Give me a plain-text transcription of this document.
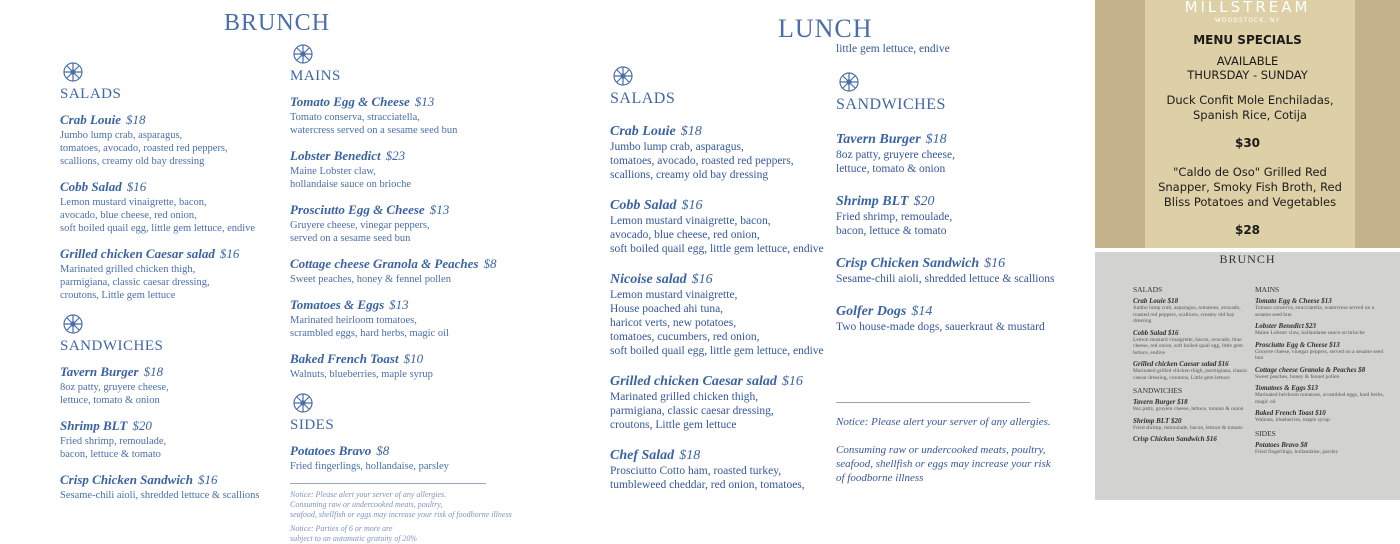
BRUNCH
SALADS
Crab Louie $18
Jumbo lump crab, asparagus,
tomatoes, avocado, roasted red peppers,
scallions, creamy old bay dressing
Cobb Salad $16
Lemon mustard vinaigrette, bacon,
avocado, blue cheese, red onion,
soft boiled quail egg, little gem lettuce, endive
Grilled chicken Caesar salad $16
Marinated grilled chicken thigh,
parmigiana, classic caesar dressing,
croutons, Little gem lettuce
SANDWICHES
Tavern Burger $18
8oz patty, gruyere cheese,
lettuce, tomato & onion
Shrimp BLT $20
Fried shrimp, remoulade,
bacon, lettuce & tomato
Crisp Chicken Sandwich $16
Sesame-chili aioli, shredded lettuce & scallions
MAINS
Tomato Egg & Cheese $13
Tomato conserva, stracciatella,
watercress served on a sesame seed bun
Lobster Benedict $23
Maine Lobster claw,
hollandaise sauce on brioche
Prosciutto Egg & Cheese $13
Gruyere cheese, vinegar peppers,
served on a sesame seed bun
Cottage cheese Granola & Peaches $8
Sweet peaches, honey & fennel pollen
Tomatoes & Eggs $13
Marinated heirloom tomatoes,
scrambled eggs, hard herbs, magic oil
Baked French Toast $10
Walnuts, blueberries, maple syrup
SIDES
Potatoes Bravo $8
Fried fingerlings, hollandaise, parsley
Notice: Please alert your server of any allergies.
Consuming raw or undercooked meats, poultry,
seafood, shellfish or eggs may increase your risk of foodborne illness
Notice: Parties of 6 or more are
subject to an automatic gratuity of 20%
LUNCH
SALADS
Crab Louie $18
Jumbo lump crab, asparagus,
tomatoes, avocado, roasted red peppers,
scallions, creamy old bay dressing
Cobb Salad $16
Lemon mustard vinaigrette, bacon,
avocado, blue cheese, red onion,
soft boiled quail egg, little gem lettuce, endive
Nicoise salad $16
Lemon mustard vinaigrette,
House poached ahi tuna,
haricot verts, new potatoes,
tomatoes, cucumbers, red onion,
soft boiled quail egg, little gem lettuce, endive
Grilled chicken Caesar salad $16
Marinated grilled chicken thigh,
parmigiana, classic caesar dressing,
croutons, Little gem lettuce
Chef Salad $18
Prosciutto Cotto ham, roasted turkey,
tumbleweed cheddar, red onion, tomatoes,
little gem lettuce, endive
SANDWICHES
Tavern Burger $18
8oz patty, gruyere cheese,
lettuce, tomato & onion
Shrimp BLT $20
Fried shrimp, remoulade,
bacon, lettuce & tomato
Crisp Chicken Sandwich $16
Sesame-chili aioli, shredded lettuce & scallions
Golfer Dogs $14
Two house-made dogs, sauerkraut & mustard
Notice: Please alert your server of any allergies.
Consuming raw or undercooked meats, poultry,
seafood, shellfish or eggs may increase your risk
of foodborne illness
MILLSTREAM
WOODSTOCK, NY
MENU SPECIALS
AVAILABLE
THURSDAY - SUNDAY
Duck Confit Mole Enchiladas, Spanish Rice, Cotija
$30
"Caldo de Oso" Grilled Red Snapper, Smoky Fish Broth, Red Bliss Potatoes and Vegetables
$28
BRUNCH
SALADS
Crab Louie $18
Jumbo lump crab, asparagus, tomatoes, avocado, roasted red peppers, scallions, creamy old bay dressing
Cobb Salad $16
Lemon mustard vinaigrette, bacon, avocado, blue cheese, red onion, soft boiled quail egg, little gem lettuce, endive
Grilled chicken Caesar salad $16
Marinated grilled chicken thigh, parmigiana, classic caesar dressing, croutons, Little gem lettuce
SANDWICHES
Tavern Burger $18
8oz patty, gruyere cheese, lettuce, tomato & onion
Shrimp BLT $20
Fried shrimp, remoulade, bacon, lettuce & tomato
Crisp Chicken Sandwich $16
MAINS
Tomato Egg & Cheese $13
Tomato conserva, stracciatella, watercress served on a sesame seed bun
Lobster Benedict $23
Maine Lobster claw, hollandaise sauce on brioche
Prosciutto Egg & Cheese $13
Gruyere cheese, vinegar peppers, served on a sesame seed bun
Cottage cheese Granola & Peaches $8
Sweet peaches, honey & fennel pollen
Tomatoes & Eggs $13
Marinated heirloom tomatoes, scrambled eggs, hard herbs, magic oil
Baked French Toast $10
Walnuts, blueberries, maple syrup
SIDES
Potatoes Bravo $8
Fried fingerlings, hollandaise, parsley
